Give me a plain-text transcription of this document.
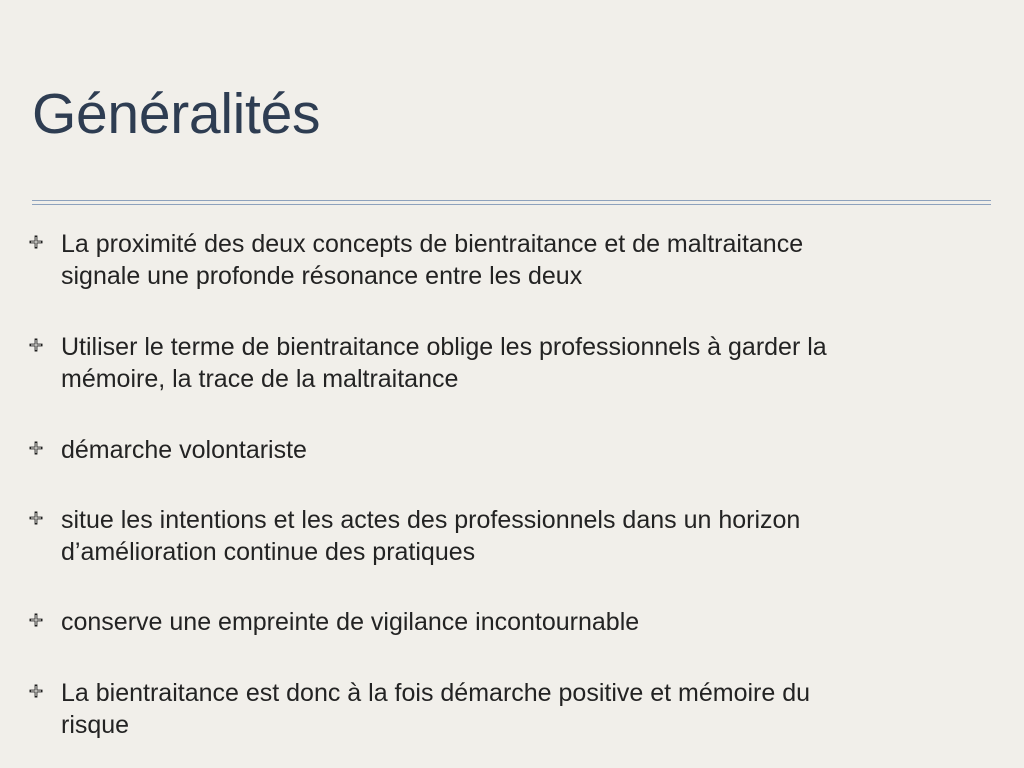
Généralités

La proximité des deux concepts de bientraitance et de maltraitance
signale une profonde résonance entre les deux

Utiliser le terme de bientraitance oblige les professionnels à garder la
mémoire, la trace de la maltraitance

démarche volontariste

situe les intentions et les actes des professionnels dans un horizon
d’amélioration continue des pratiques

conserve une empreinte de vigilance incontournable

La bientraitance est donc à la fois démarche positive et mémoire du
risque
